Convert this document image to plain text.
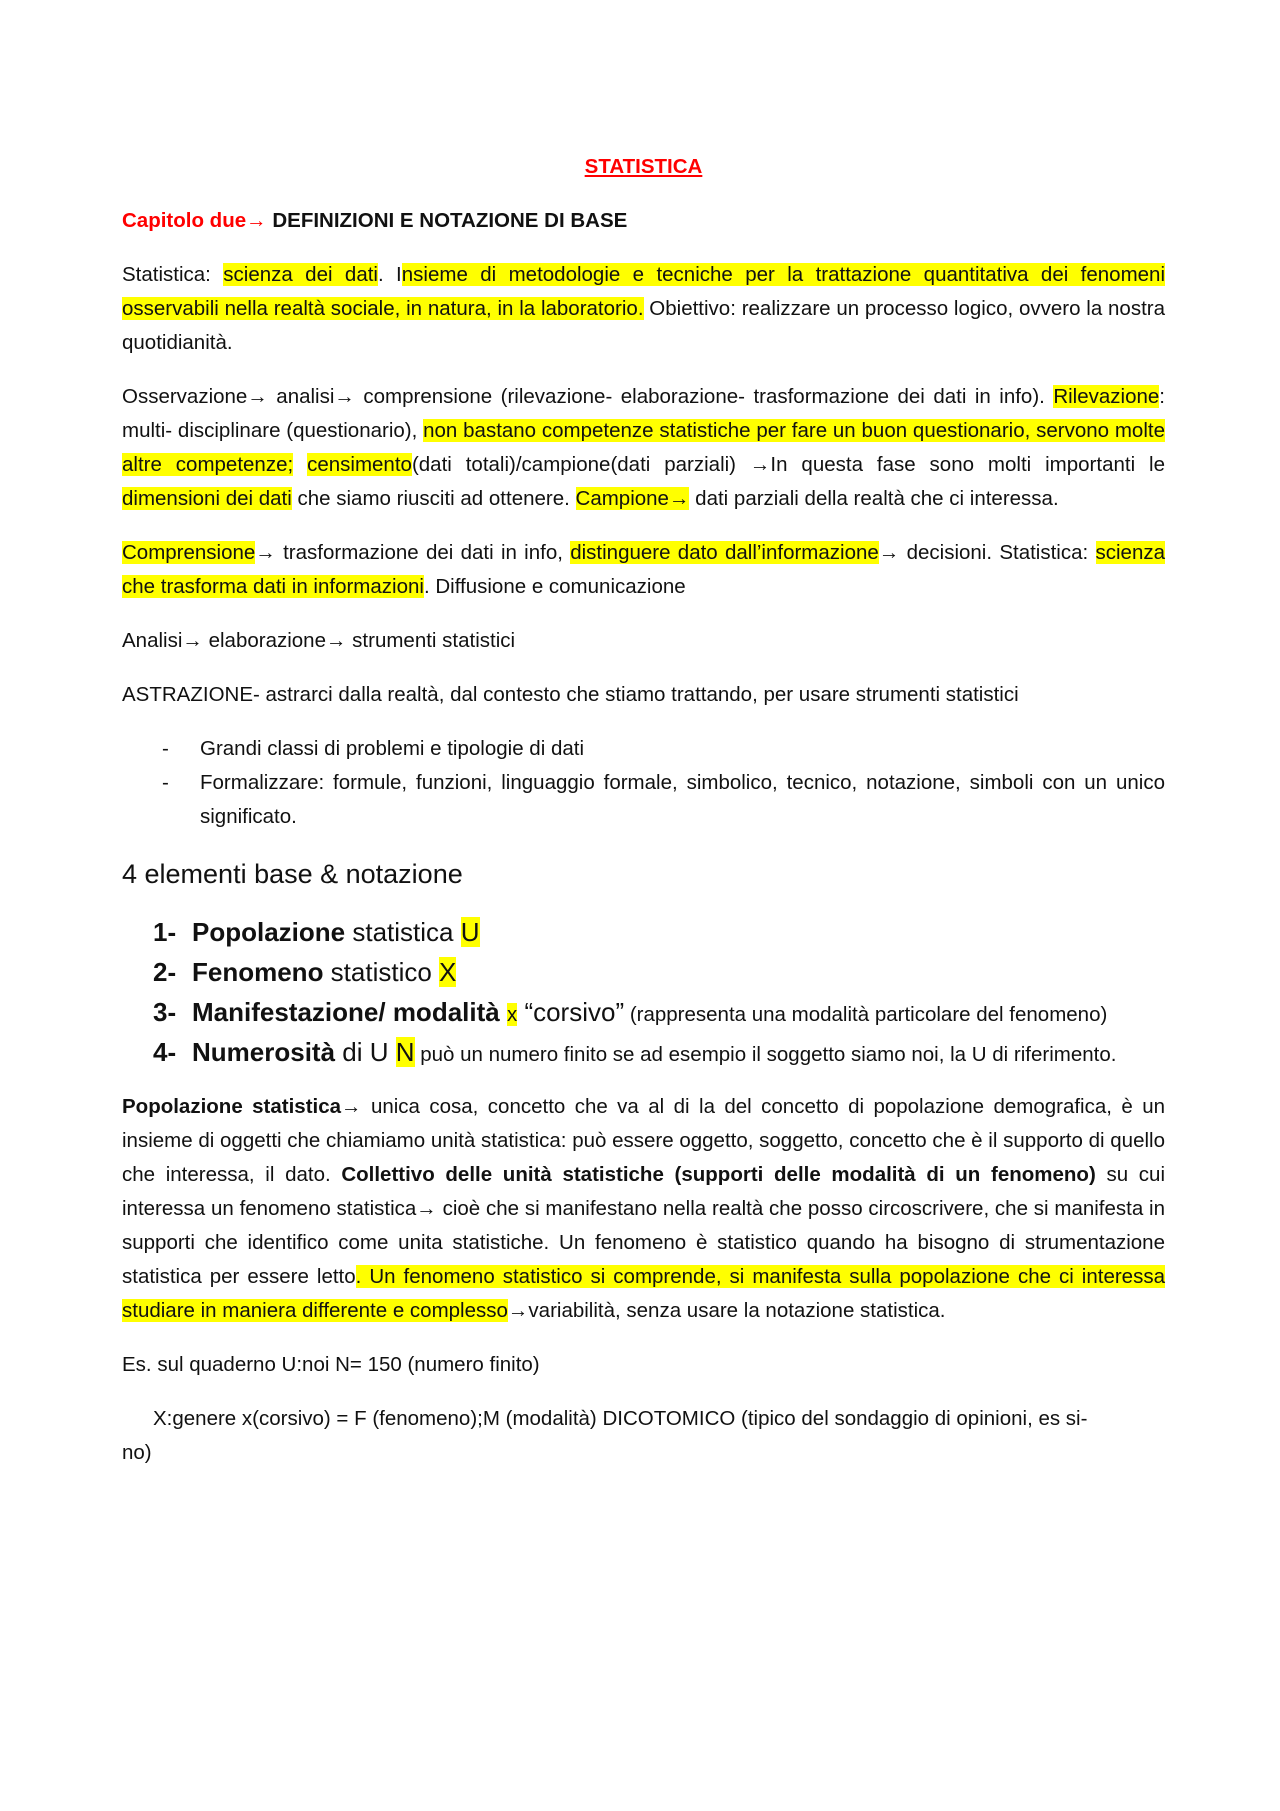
STATISTICA

Capitolo due→ DEFINIZIONI E NOTAZIONE DI BASE

Statistica: scienza dei dati. Insieme di metodologie e tecniche per la trattazione quantitativa dei fenomeni osservabili nella realtà sociale, in natura, in la laboratorio. Obiettivo: realizzare un processo logico, ovvero la nostra quotidianità.

Osservazione→ analisi→ comprensione (rilevazione- elaborazione- trasformazione dei dati in info). Rilevazione: multi- disciplinare (questionario), non bastano competenze statistiche per fare un buon questionario, servono molte altre competenze; censimento(dati totali)/campione(dati parziali) →In questa fase sono molti importanti le dimensioni dei dati che siamo riusciti ad ottenere. Campione→ dati parziali della realtà che ci interessa.

Comprensione→ trasformazione dei dati in info, distinguere dato dall’informazione→ decisioni. Statistica: scienza che trasforma dati in informazioni. Diffusione e comunicazione

Analisi→ elaborazione→ strumenti statistici

ASTRAZIONE- astrarci dalla realtà, dal contesto che stiamo trattando, per usare strumenti statistici

- Grandi classi di problemi e tipologie di dati
- Formalizzare: formule, funzioni, linguaggio formale, simbolico, tecnico, notazione, simboli con un unico significato.

4 elementi base & notazione

1- Popolazione statistica U
2- Fenomeno statistico X
3- Manifestazione/ modalità x “corsivo” (rappresenta una modalità particolare del fenomeno)
4- Numerosità di U N può un numero finito se ad esempio il soggetto siamo noi, la U di riferimento.

Popolazione statistica→ unica cosa, concetto che va al di la del concetto di popolazione demografica, è un insieme di oggetti che chiamiamo unità statistica: può essere oggetto, soggetto, concetto che è il supporto di quello che interessa, il dato. Collettivo delle unità statistiche (supporti delle modalità di un fenomeno) su cui interessa un fenomeno statistica→ cioè che si manifestano nella realtà che posso circoscrivere, che si manifesta in supporti che identifico come unita statistiche. Un fenomeno è statistico quando ha bisogno di strumentazione statistica per essere letto. Un fenomeno statistico si comprende, si manifesta sulla popolazione che ci interessa studiare in maniera differente e complesso→variabilità, senza usare la notazione statistica.

Es. sul quaderno U:noi N= 150 (numero finito)

X:genere x(corsivo) = F (fenomeno);M (modalità) DICOTOMICO (tipico del sondaggio di opinioni, es si-

no)
